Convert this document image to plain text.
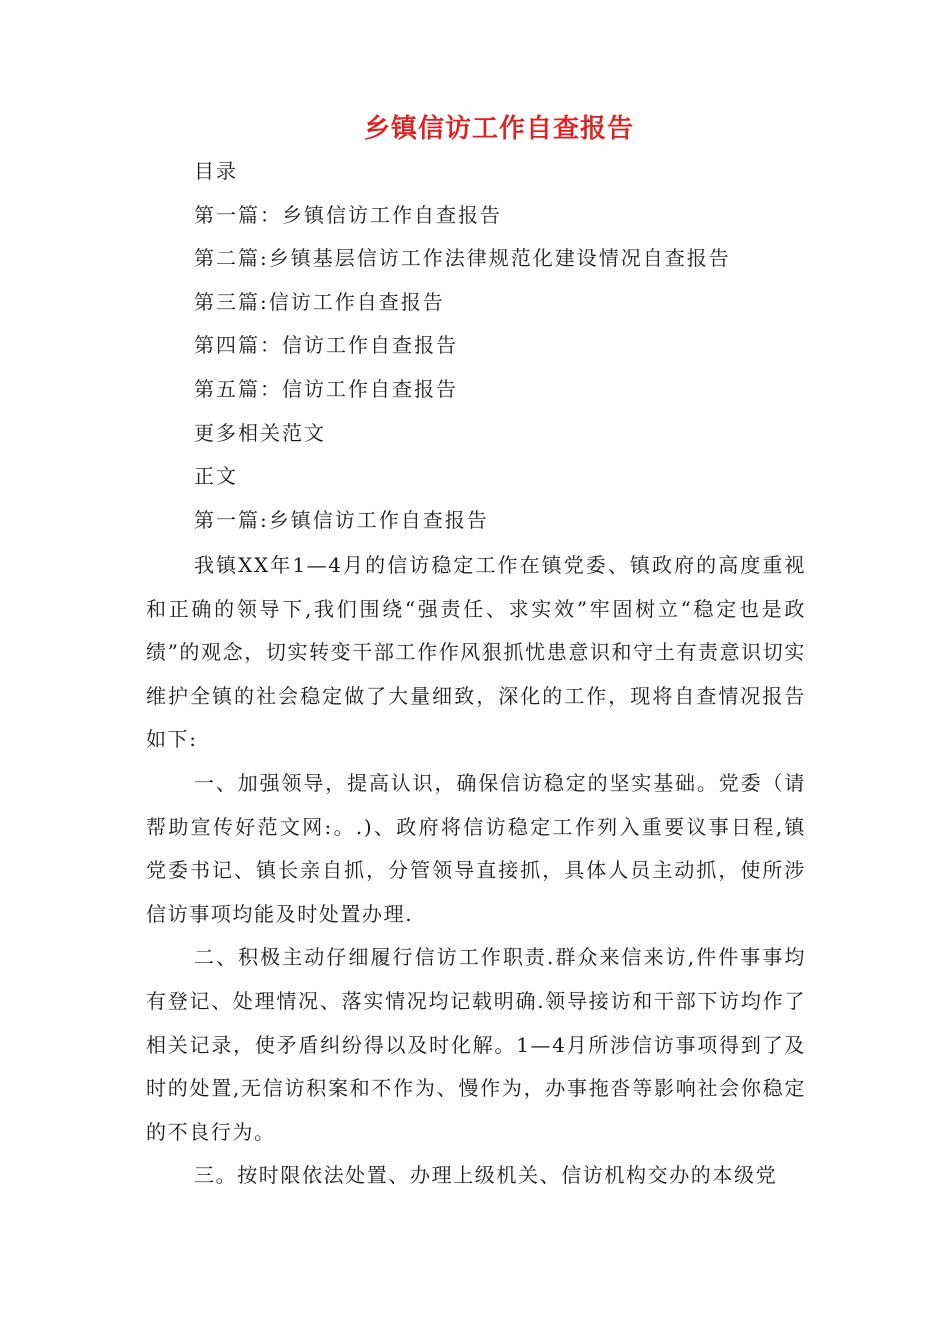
乡镇信访工作自查报告
目录
第一篇：乡镇信访工作自查报告
第二篇:乡镇基层信访工作法律规范化建设情况自查报告
第三篇:信访工作自查报告
第四篇：信访工作自查报告
第五篇：信访工作自查报告
更多相关范文
正文
第一篇:乡镇信访工作自查报告

我镇XX年1—4月的信访稳定工作在镇党委、镇政府的高度重视和正确的领导下,我们围绕“强责任、求实效”牢固树立“稳定也是政绩”的观念，切实转变干部工作作风狠抓忧患意识和守土有责意识切实维护全镇的社会稳定做了大量细致，深化的工作，现将自查情况报告如下:

一、加强领导，提高认识，确保信访稳定的坚实基础。党委（请帮助宣传好范文网:。.)、政府将信访稳定工作列入重要议事日程,镇党委书记、镇长亲自抓，分管领导直接抓，具体人员主动抓，使所涉信访事项均能及时处置办理.

二、积极主动仔细履行信访工作职责.群众来信来访,件件事事均有登记、处理情况、落实情况均记载明确.领导接访和干部下访均作了相关记录，使矛盾纠纷得以及时化解。1—4月所涉信访事项得到了及时的处置,无信访积案和不作为、慢作为，办事拖沓等影响社会你稳定的不良行为。

三。按时限依法处置、办理上级机关、信访机构交办的本级党
